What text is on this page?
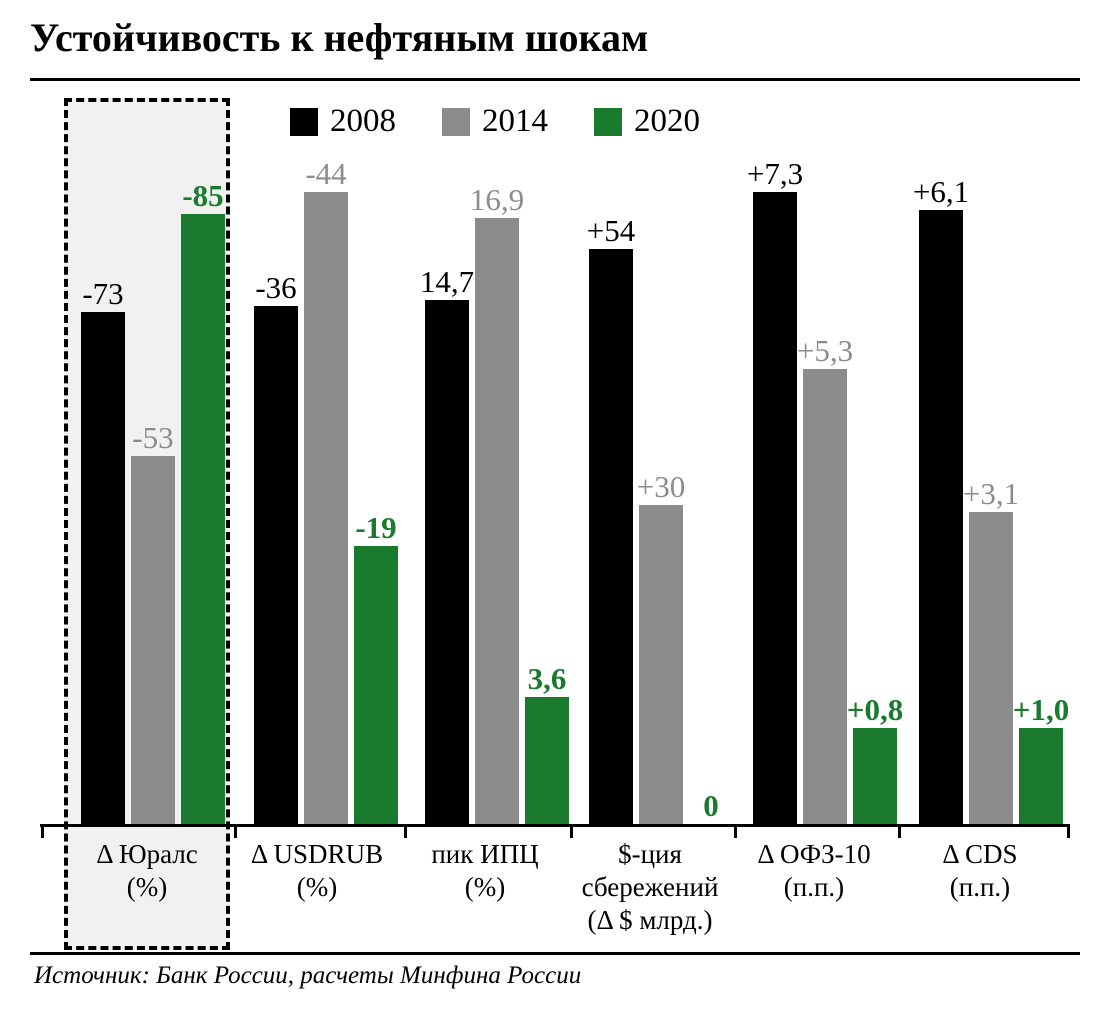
Устойчивость к нефтяным шокам
2008	2014	2020
-73
-53
-85
-36
-44
-19
14,7
16,9
3,6
+54
+30
0
+7,3
+5,3
+0,8
+6,1
+3,1
+1,0
Δ Юралс
(%)
Δ USDRUB
(%)
пик ИПЦ
(%)
$-ция
сбережений
(Δ $ млрд.)
Δ ОФЗ-10
(п.п.)
Δ CDS
(п.п.)
Источник: Банк России, расчеты Минфина России
